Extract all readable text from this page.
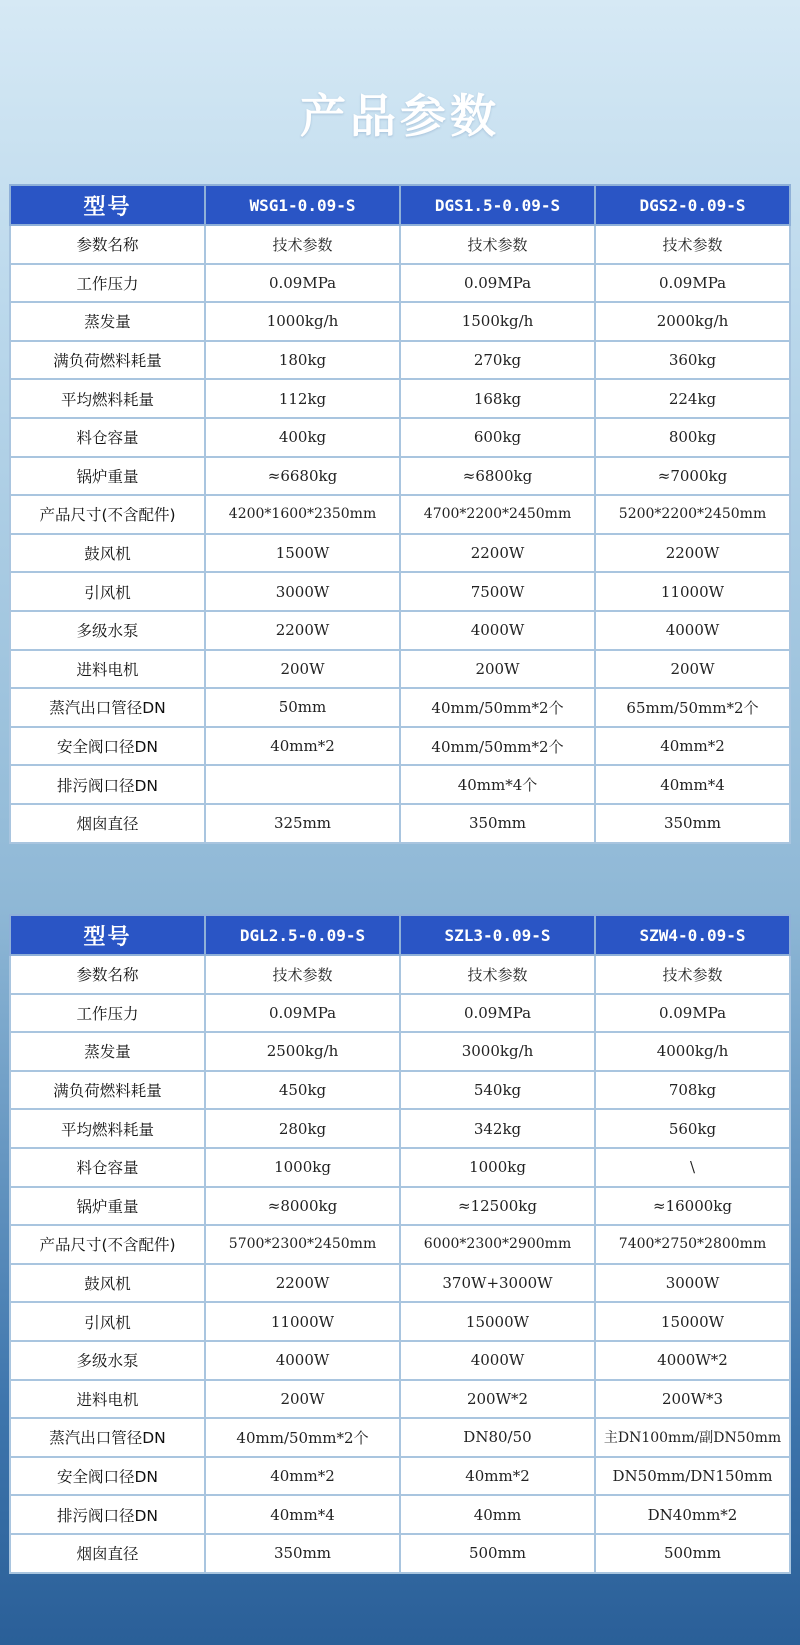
产品参数
型号	WSG1-0.09-S	DGS1.5-0.09-S	DGS2-0.09-S
参数名称	技术参数	技术参数	技术参数
工作压力	0.09MPa	0.09MPa	0.09MPa
蒸发量	1000kg/h	1500kg/h	2000kg/h
满负荷燃料耗量	180kg	270kg	360kg
平均燃料耗量	112kg	168kg	224kg
料仓容量	400kg	600kg	800kg
锅炉重量	≈6680kg	≈6800kg	≈7000kg
产品尺寸(不含配件)	4200*1600*2350mm	4700*2200*2450mm	5200*2200*2450mm
鼓风机	1500W	2200W	2200W
引风机	3000W	7500W	11000W
多级水泵	2200W	4000W	4000W
进料电机	200W	200W	200W
蒸汽出口管径DN	50mm	40mm/50mm*2个	65mm/50mm*2个
安全阀口径DN	40mm*2	40mm/50mm*2个	40mm*2
排污阀口径DN		40mm*4个	40mm*4
烟囱直径	325mm	350mm	350mm
型号	DGL2.5-0.09-S	SZL3-0.09-S	SZW4-0.09-S
参数名称	技术参数	技术参数	技术参数
工作压力	0.09MPa	0.09MPa	0.09MPa
蒸发量	2500kg/h	3000kg/h	4000kg/h
满负荷燃料耗量	450kg	540kg	708kg
平均燃料耗量	280kg	342kg	560kg
料仓容量	1000kg	1000kg	\
锅炉重量	≈8000kg	≈12500kg	≈16000kg
产品尺寸(不含配件)	5700*2300*2450mm	6000*2300*2900mm	7400*2750*2800mm
鼓风机	2200W	370W+3000W	3000W
引风机	11000W	15000W	15000W
多级水泵	4000W	4000W	4000W*2
进料电机	200W	200W*2	200W*3
蒸汽出口管径DN	40mm/50mm*2个	DN80/50	主DN100mm/副DN50mm
安全阀口径DN	40mm*2	40mm*2	DN50mm/DN150mm
排污阀口径DN	40mm*4	40mm	DN40mm*2
烟囱直径	350mm	500mm	500mm
